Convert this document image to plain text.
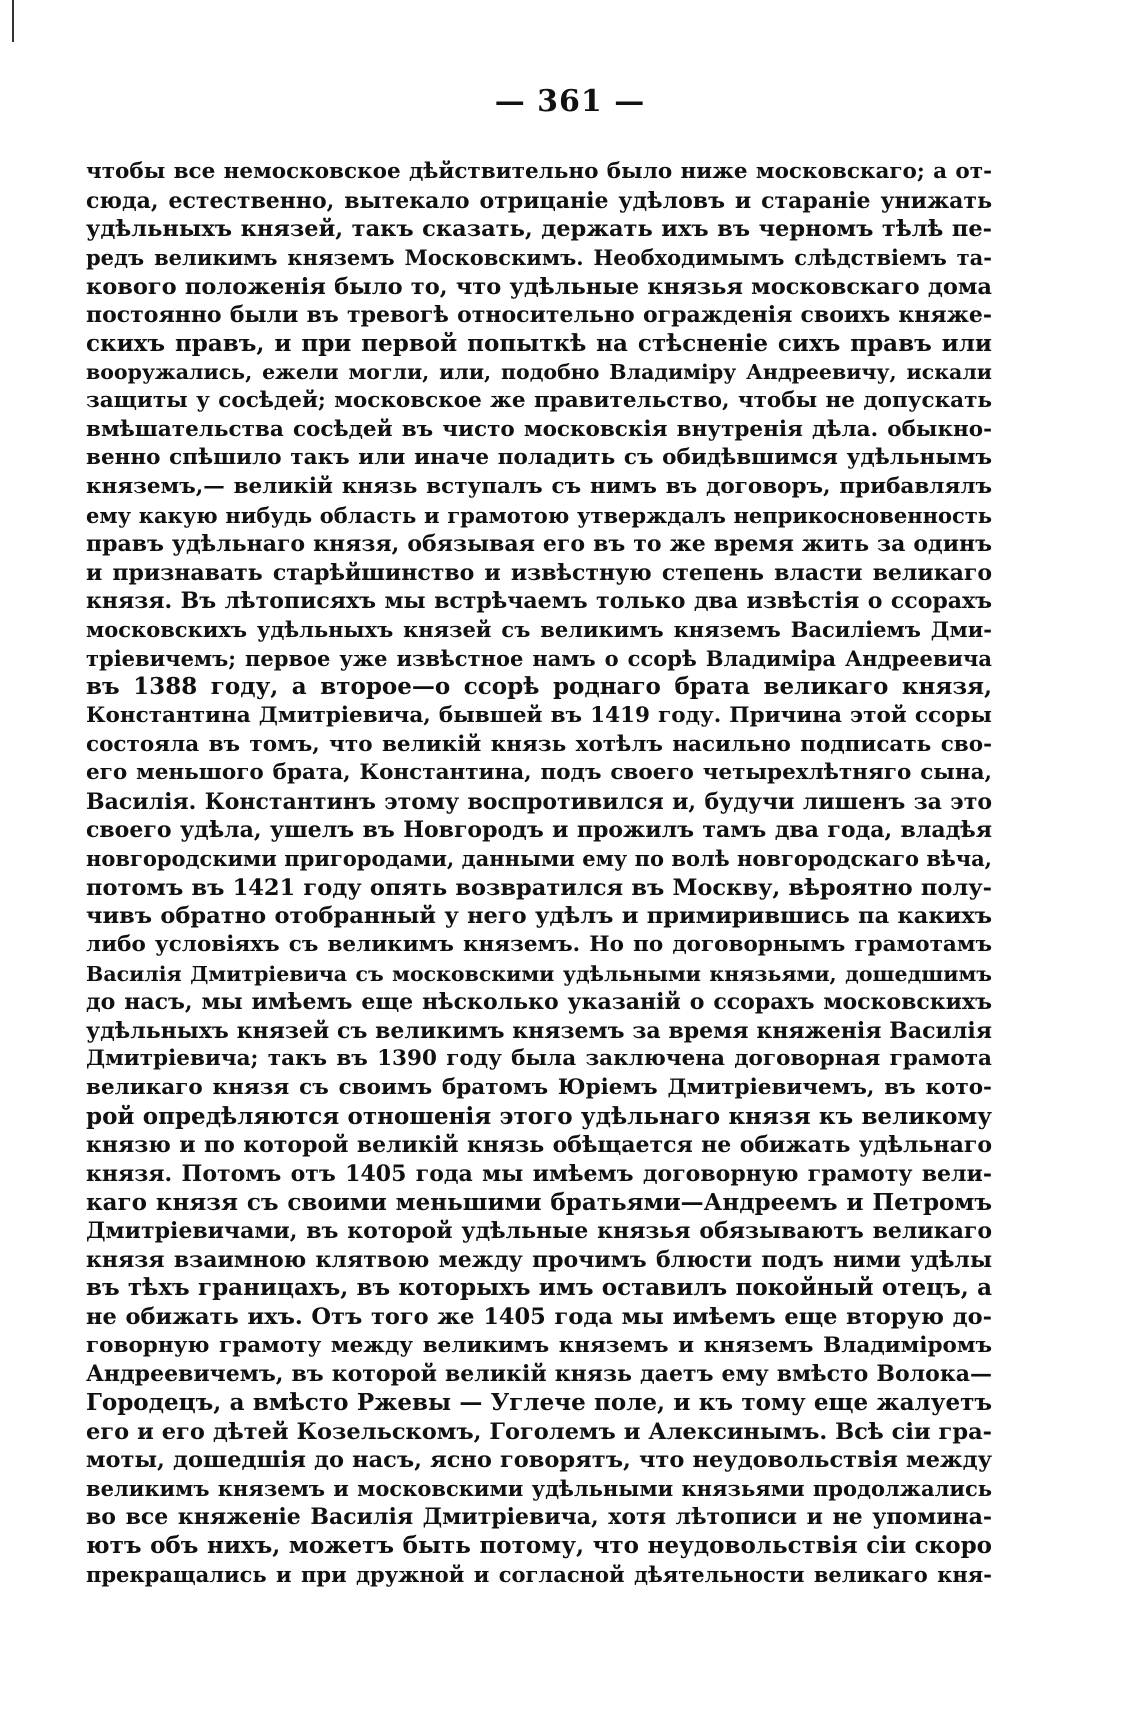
— 361 —
чтобы все немосковское дѣйствительно было ниже московскаго; а от-
сюда, естественно, вытекало отрицаніе удѣловъ и стараніе унижать
удѣльныхъ князей, такъ сказать, держать ихъ въ черномъ тѣлѣ пе-
редъ великимъ княземъ Московскимъ. Необходимымъ слѣдствіемъ та-
кового положенія было то, что удѣльные князья московскаго дома
постоянно были въ тревогѣ относительно огражденія своихъ княже-
скихъ правъ, и при первой попыткѣ на стѣсненіе сихъ правъ или
вооружались, ежели могли, или, подобно Владиміру Андреевичу, искали
защиты у сосѣдей; московское же правительство, чтобы не допускать
вмѣшательства сосѣдей въ чисто московскія внутренія дѣла. обыкно-
венно спѣшило такъ или иначе поладить съ обидѣвшимся удѣльнымъ
княземъ,— великій князь вступалъ съ нимъ въ договоръ, прибавлялъ
ему какую нибудь область и грамотою утверждалъ неприкосновенность
правъ удѣльнаго князя, обязывая его въ то же время жить за одинъ
и признавать старѣйшинство и извѣстную степень власти великаго
князя. Въ лѣтописяхъ мы встрѣчаемъ только два извѣстія о ссорахъ
московскихъ удѣльныхъ князей съ великимъ княземъ Василіемъ Дми-
тріевичемъ; первое уже извѣстное намъ о ссорѣ Владиміра Андреевича
въ 1388 году, а второе—о ссорѣ роднаго брата великаго князя,
Константина Дмитріевича, бывшей въ 1419 году. Причина этой ссоры
состояла въ томъ, что великій князь хотѣлъ насильно подписать сво-
его меньшого брата, Константина, подъ своего четырехлѣтняго сына,
Василія. Константинъ этому воспротивился и, будучи лишенъ за это
своего удѣла, ушелъ въ Новгородъ и прожилъ тамъ два года, владѣя
новгородскими пригородами, данными ему по волѣ новгородскаго вѣча,
потомъ въ 1421 году опять возвратился въ Москву, вѣроятно полу-
чивъ обратно отобранный у него удѣлъ и примирившись па какихъ
либо условіяхъ съ великимъ княземъ. Но по договорнымъ грамотамъ
Василія Дмитріевича съ московскими удѣльными князьями, дошедшимъ
до насъ, мы имѣемъ еще нѣсколько указаній о ссорахъ московскихъ
удѣльныхъ князей съ великимъ княземъ за время княженія Василія
Дмитріевича; такъ въ 1390 году была заключена договорная грамота
великаго князя съ своимъ братомъ Юріемъ Дмитріевичемъ, въ кото-
рой опредѣляются отношенія этого удѣльнаго князя къ великому
князю и по которой великій князь обѣщается не обижать удѣльнаго
князя. Потомъ отъ 1405 года мы имѣемъ договорную грамоту вели-
каго князя съ своими меньшими братьями—Андреемъ и Петромъ
Дмитріевичами, въ которой удѣльные князья обязываютъ великаго
князя взаимною клятвою между прочимъ блюсти подъ ними удѣлы
въ тѣхъ границахъ, въ которыхъ имъ оставилъ покойный отецъ, а
не обижать ихъ. Отъ того же 1405 года мы имѣемъ еще вторую до-
говорную грамоту между великимъ княземъ и княземъ Владиміромъ
Андреевичемъ, въ которой великій князь даетъ ему вмѣсто Волока—
Городецъ, а вмѣсто Ржевы — Углече поле, и къ тому еще жалуетъ
его и его дѣтей Козельскомъ, Гоголемъ и Алексинымъ. Всѣ сіи гра-
моты, дошедшія до насъ, ясно говорятъ, что неудовольствія между
великимъ княземъ и московскими удѣльными князьями продолжались
во все княженіе Василія Дмитріевича, хотя лѣтописи и не упомина-
ютъ объ нихъ, можетъ быть потому, что неудовольствія сіи скоро
прекращались и при дружной и согласной дѣятельности великаго кня-
